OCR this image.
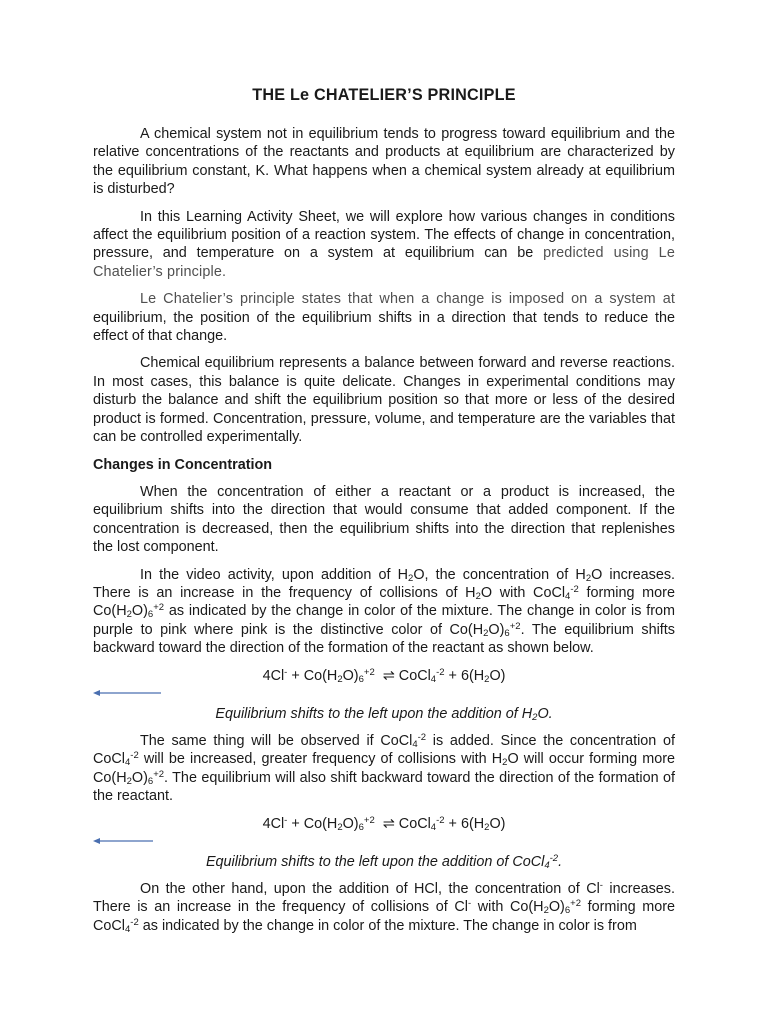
THE Le CHATELIER’S PRINCIPLE

A chemical system not in equilibrium tends to progress toward equilibrium and the relative concentrations of the reactants and products at equilibrium are characterized by the equilibrium constant, K. What happens when a chemical system already at equilibrium is disturbed?

In this Learning Activity Sheet, we will explore how various changes in conditions affect the equilibrium position of a reaction system. The effects of change in concentration, pressure, and temperature on a system at equilibrium can be predicted using Le Chatelier’s principle.

Le Chatelier’s principle states that when a change is imposed on a system at equilibrium, the position of the equilibrium shifts in a direction that tends to reduce the effect of that change.

Chemical equilibrium represents a balance between forward and reverse reactions. In most cases, this balance is quite delicate. Changes in experimental conditions may disturb the balance and shift the equilibrium position so that more or less of the desired product is formed. Concentration, pressure, volume, and temperature are the variables that can be controlled experimentally.

Changes in Concentration

When the concentration of either a reactant or a product is increased, the equilibrium shifts into the direction that would consume that added component. If the concentration is decreased, then the equilibrium shifts into the direction that replenishes the lost component.

In the video activity, upon addition of $H_2O$, the concentration of $H_2O$ increases. There is an increase in the frequency of collisions of $H_2O$ with CoCl$_4^{-2}$ forming more $Co(H_2O)_6^{+2}$ as indicated by the change in color of the mixture. The change in color is from purple to pink where pink is the distinctive color of $Co(H_2O)_6^{+2}$. The equilibrium shifts backward toward the direction of the formation of the reactant as shown below.

$4Cl^- + Co(H_2O)_6^{+2}$  ⇌ CoCl$_4^{-2}$ + $6(H_2O)$
Equilibrium shifts to the left upon the addition of $H_2O$.

The same thing will be observed if CoCl$_4^{-2}$ is added. Since the concentration of CoCl$_4^{-2}$ will be increased, greater frequency of collisions with $H_2O$ will occur forming more $Co(H_2O)_6^{+2}$. The equilibrium will also shift backward toward the direction of the formation of the reactant.

$4Cl^- + Co(H_2O)_6^{+2}$  ⇌ CoCl$_4^{-2}$ + $6(H_2O)$
Equilibrium shifts to the left upon the addition of CoCl$_4^{-2}$.

On the other hand, upon the addition of HCl, the concentration of Cl- increases. There is an increase in the frequency of collisions of Cl- with $Co(H_2O)_6^{+2}$ forming more CoCl$_4^{-2}$ as indicated by the change in color of the mixture. The change in color is from
